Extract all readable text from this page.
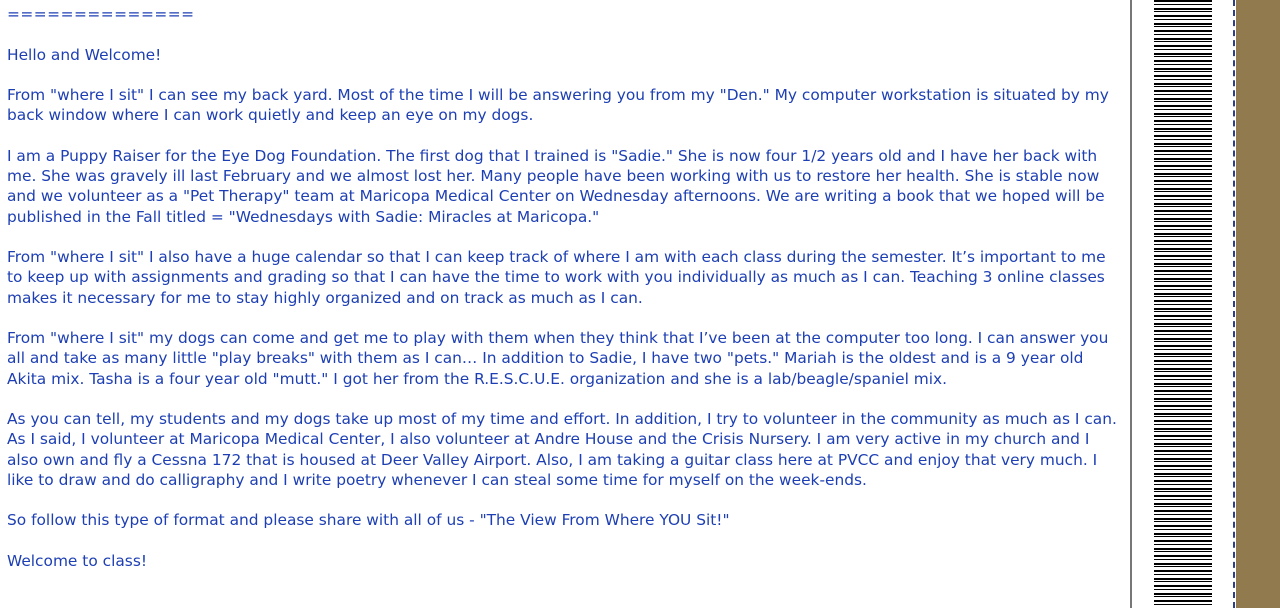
==============

Hello and Welcome!

From "where I sit" I can see my back yard. Most of the time I will be answering you from my "Den." My computer workstation is situated by my back window where I can work quietly and keep an eye on my dogs.

I am a Puppy Raiser for the Eye Dog Foundation. The first dog that I trained is "Sadie." She is now four 1/2 years old and I have her back with me. She was gravely ill last February and we almost lost her. Many people have been working with us to restore her health. She is stable now and we volunteer as a "Pet Therapy" team at Maricopa Medical Center on Wednesday afternoons. We are writing a book that we hoped will be published in the Fall titled = "Wednesdays with Sadie: Miracles at Maricopa."

From "where I sit" I also have a huge calendar so that I can keep track of where I am with each class during the semester. It’s important to me to keep up with assignments and grading so that I can have the time to work with you individually as much as I can. Teaching 3 online classes makes it necessary for me to stay highly organized and on track as much as I can.

From "where I sit" my dogs can come and get me to play with them when they think that I’ve been at the computer too long. I can answer you all and take as many little "play breaks" with them as I can… In addition to Sadie, I have two "pets." Mariah is the oldest and is a 9 year old Akita mix. Tasha is a four year old "mutt." I got her from the R.E.S.C.U.E. organization and she is a lab/beagle/spaniel mix.

As you can tell, my students and my dogs take up most of my time and effort. In addition, I try to volunteer in the community as much as I can. As I said, I volunteer at Maricopa Medical Center, I also volunteer at Andre House and the Crisis Nursery. I am very active in my church and I also own and fly a Cessna 172 that is housed at Deer Valley Airport. Also, I am taking a guitar class here at PVCC and enjoy that very much. I like to draw and do calligraphy and I write poetry whenever I can steal some time for myself on the week-ends.

So follow this type of format and please share with all of us - "The View From Where YOU Sit!"

Welcome to class!
